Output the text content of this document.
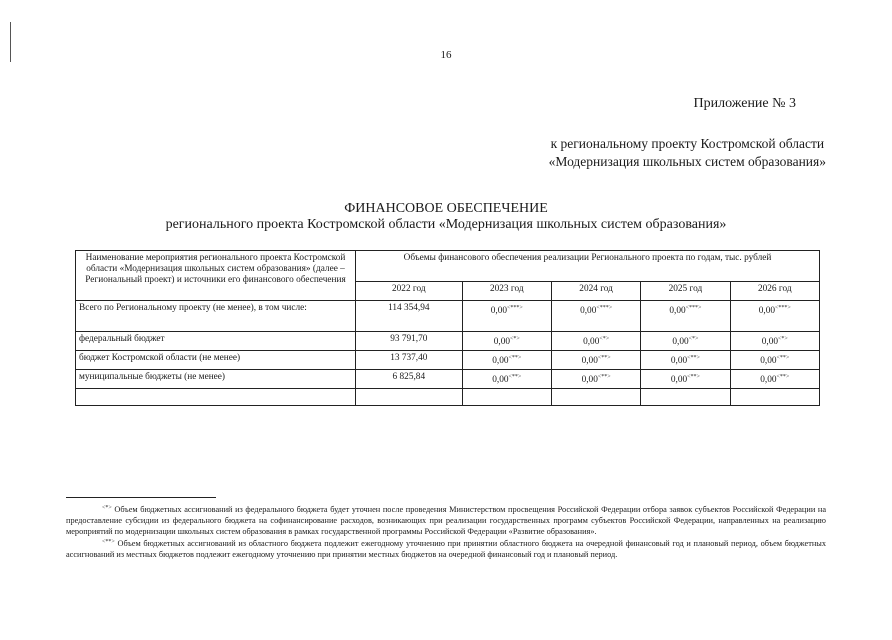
16
Приложение № 3
к региональному проекту Костромской области
«Модернизация школьных систем образования»
ФИНАНСОВОЕ ОБЕСПЕЧЕНИЕ
регионального проекта Костромской области «Модернизация школьных систем образования»
Наименование мероприятия регионального проекта Костромской области «Модернизация школьных систем образования» (далее – Региональный проект) и источники его финансового обеспечения	Объемы финансового обеспечения реализации Регионального проекта по годам, тыс. рублей				
	2022 год	2023 год	2024 год	2025 год	2026 год
Всего по Региональному проекту (не менее), в том числе:	114 354,94	0,00<***>	0,00<***>	0,00<***>	0,00<***>
федеральный бюджет	93 791,70	0,00<*>	0,00<*>	0,00<*>	0,00<*>
бюджет Костромской области (не менее)	13 737,40	0,00<**>	0,00<**>	0,00<**>	0,00<**>
муниципальные бюджеты (не менее)	6 825,84	0,00<**>	0,00<**>	0,00<**>	0,00<**>

<*> Объем бюджетных ассигнований из федерального бюджета будет уточнен после проведения Министерством просвещения Российской Федерации отбора заявок субъектов Российской Федерации на предоставление субсидии из федерального бюджета на софинансирование расходов, возникающих при реализации государственных программ субъектов Российской Федерации, направленных на реализацию мероприятий по модернизации школьных систем образования в рамках государственной программы Российской Федерации «Развитие образования».

<**> Объем бюджетных ассигнований из областного бюджета подлежит ежегодному уточнению при принятии областного бюджета на очередной финансовый год и плановый период, объем бюджетных ассигнований из местных бюджетов подлежит ежегодному уточнению при принятии местных бюджетов на очередной финансовый год и плановый период.
